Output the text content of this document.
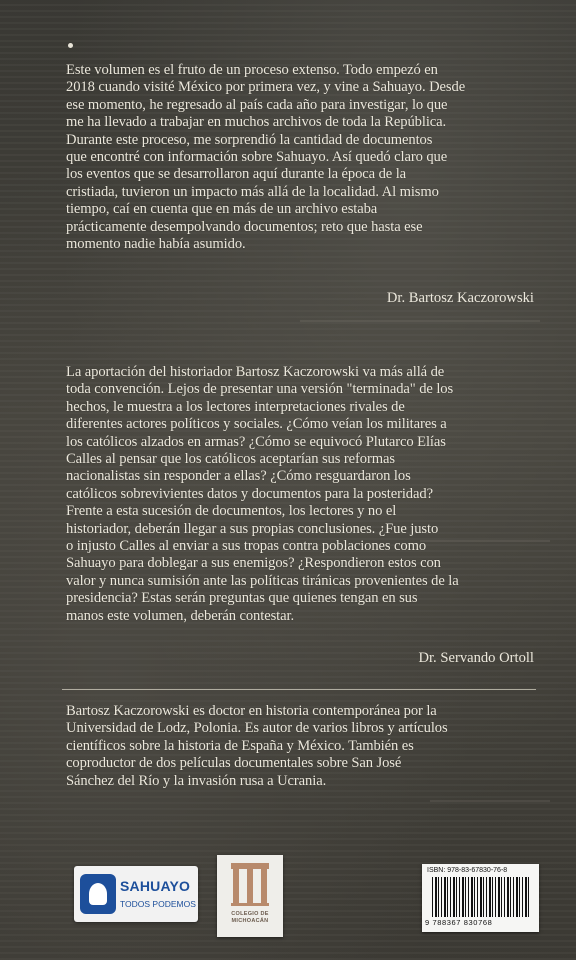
Este volumen es el fruto de un proceso extenso. Todo empezó en
2018 cuando visité México por primera vez, y vine a Sahuayo. Desde
ese momento, he regresado al país cada año para investigar, lo que
me ha llevado a trabajar en muchos archivos de toda la República.
Durante este proceso, me sorprendió la cantidad de documentos
que encontré con información sobre Sahuayo. Así quedó claro que
los eventos que se desarrollaron aquí durante la época de la
cristiada, tuvieron un impacto más allá de la localidad. Al mismo
tiempo, caí en cuenta que en más de un archivo estaba
prácticamente desempolvando documentos; reto que hasta ese
momento nadie había asumido.
Dr. Bartosz Kaczorowski
La aportación del historiador Bartosz Kaczorowski va más allá de
toda convención. Lejos de presentar una versión "terminada" de los
hechos, le muestra a los lectores interpretaciones rivales de
diferentes actores políticos y sociales. ¿Cómo veían los militares a
los católicos alzados en armas? ¿Cómo se equivocó Plutarco Elías
Calles al pensar que los católicos aceptarían sus reformas
nacionalistas sin responder a ellas? ¿Cómo resguardaron los
católicos sobrevivientes datos y documentos para la posteridad?
Frente a esta sucesión de documentos, los lectores y no el
historiador, deberán llegar a sus propias conclusiones. ¿Fue justo
o injusto Calles al enviar a sus tropas contra poblaciones como
Sahuayo para doblegar a sus enemigos? ¿Respondieron estos con
valor y nunca sumisión ante las políticas tiránicas provenientes de la
presidencia? Estas serán preguntas que quienes tengan en sus
manos este volumen, deberán contestar.
Dr. Servando Ortoll
Bartosz Kaczorowski es doctor en historia contemporánea por la
Universidad de Lodz, Polonia. Es autor de varios libros y artículos
científicos sobre la historia de España y México. También es
coproductor de dos películas documentales sobre San José
Sánchez del Río y la invasión rusa a Ucrania.
SAHUAYO
TODOS PODEMOS
COLEGIO DE MICHOACÁN
ISBN: 978-83-67830-76-8
9 788367 830768
